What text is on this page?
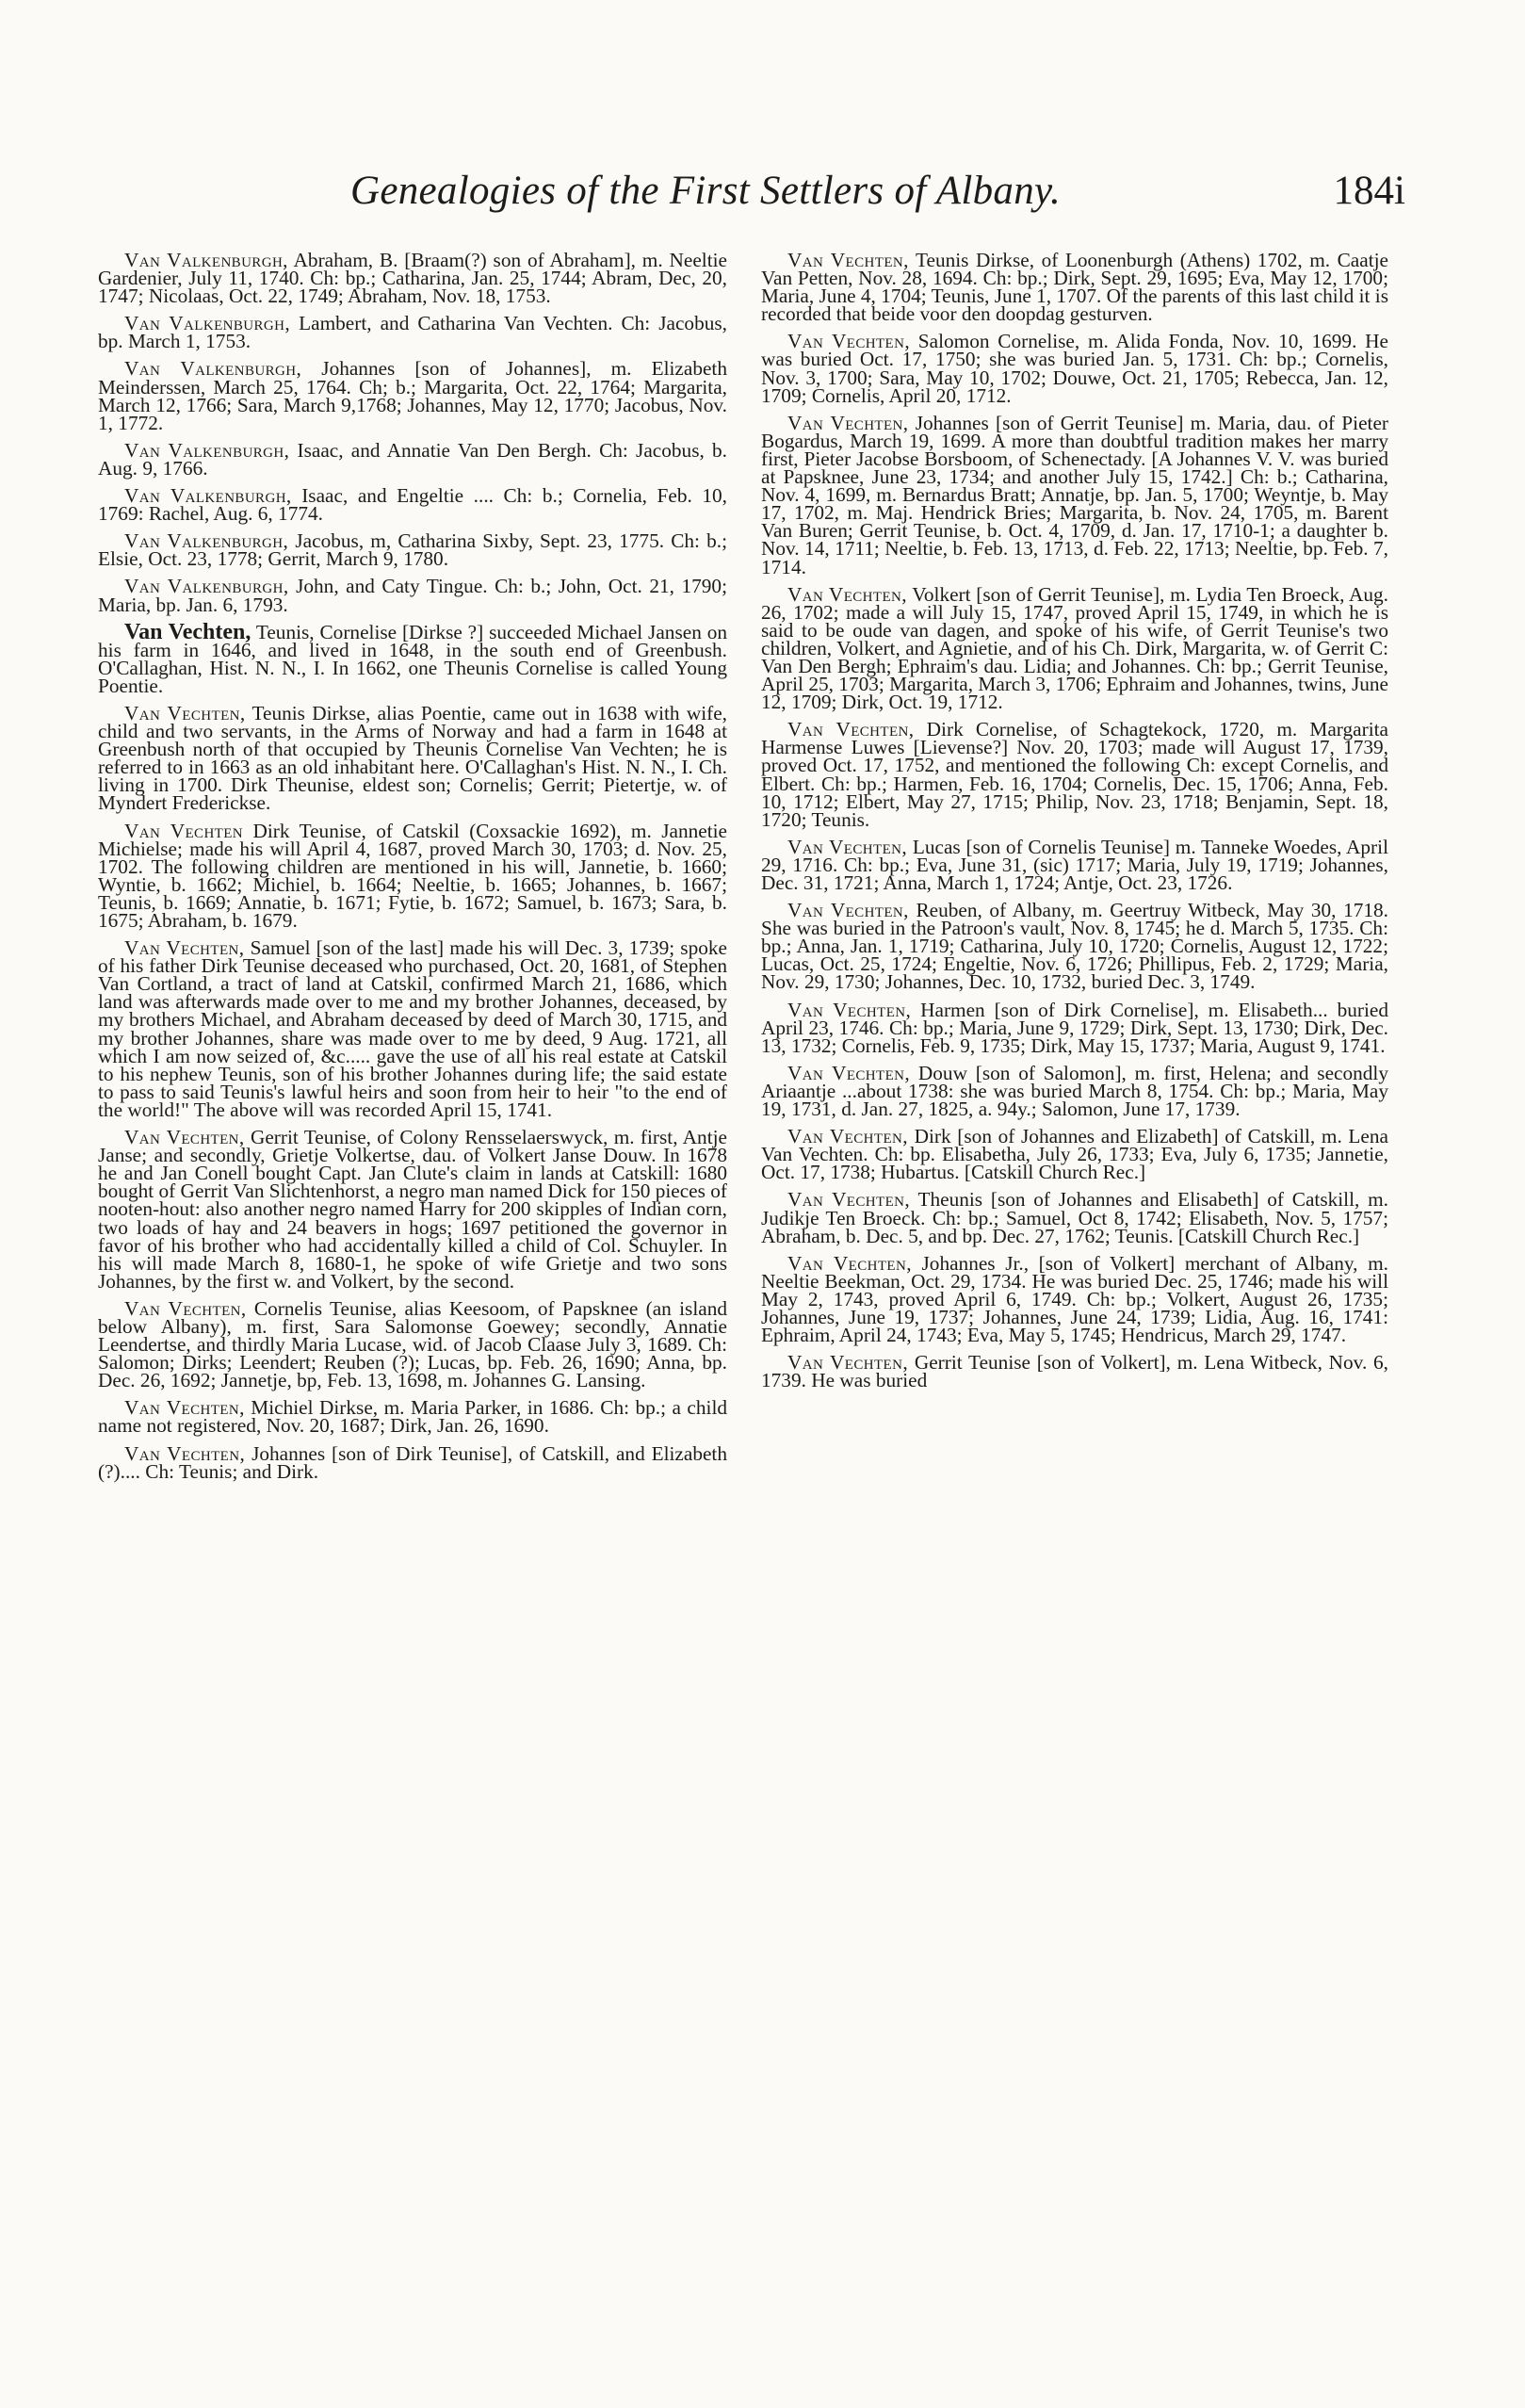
Genealogies of the First Settlers of Albany.	184i

Van Valkenburgh, Abraham, B. [Braam(?) son of Abraham], m. Neeltie Gardenier, July 11, 1740. Ch: bp.; Catharina, Jan. 25, 1744; Abram, Dec, 20, 1747; Nicolaas, Oct. 22, 1749; Abraham, Nov. 18, 1753.

Van Valkenburgh, Lambert, and Catharina Van Vechten. Ch: Jacobus, bp. March 1, 1753.

Van Valkenburgh, Johannes [son of Johannes], m. Elizabeth Meinderssen, March 25, 1764. Ch; b.; Margarita, Oct. 22, 1764; Margarita, March 12, 1766; Sara, March 9,1768; Johannes, May 12, 1770; Jacobus, Nov. 1, 1772.

Van Valkenburgh, Isaac, and Annatie Van Den Bergh. Ch: Jacobus, b. Aug. 9, 1766.

Van Valkenburgh, Isaac, and Engeltie .... Ch: b.; Cornelia, Feb. 10, 1769: Rachel, Aug. 6, 1774.

Van Valkenburgh, Jacobus, m, Catharina Sixby, Sept. 23, 1775. Ch: b.; Elsie, Oct. 23, 1778; Gerrit, March 9, 1780.

Van Valkenburgh, John, and Caty Tingue. Ch: b.; John, Oct. 21, 1790; Maria, bp. Jan. 6, 1793.

Van Vechten, Teunis, Cornelise [Dirkse ?] succeeded Michael Jansen on his farm in 1646, and lived in 1648, in the south end of Greenbush. O'Callaghan, Hist. N. N., I. In 1662, one Theunis Cornelise is called Young Poentie.

Van Vechten, Teunis Dirkse, alias Poentie, came out in 1638 with wife, child and two servants, in the Arms of Norway and had a farm in 1648 at Greenbush north of that occupied by Theunis Cornelise Van Vechten; he is referred to in 1663 as an old inhabitant here. O'Callaghan's Hist. N. N., I. Ch. living in 1700. Dirk Theunise, eldest son; Cornelis; Gerrit; Pietertje, w. of Myndert Frederickse.

Van Vechten Dirk Teunise, of Catskil (Coxsackie 1692), m. Jannetie Michielse; made his will April 4, 1687, proved March 30, 1703; d. Nov. 25, 1702. The following children are mentioned in his will, Jannetie, b. 1660; Wyntie, b. 1662; Michiel, b. 1664; Neeltie, b. 1665; Johannes, b. 1667; Teunis, b. 1669; Annatie, b. 1671; Fytie, b. 1672; Samuel, b. 1673; Sara, b. 1675; Abraham, b. 1679.

Van Vechten, Samuel [son of the last] made his will Dec. 3, 1739; spoke of his father Dirk Teunise deceased who purchased, Oct. 20, 1681, of Stephen Van Cortland, a tract of land at Catskil, confirmed March 21, 1686, which land was afterwards made over to me and my brother Johannes, deceased, by my brothers Michael, and Abraham deceased by deed of March 30, 1715, and my brother Johannes, share was made over to me by deed, 9 Aug. 1721, all which I am now seized of, &c..... gave the use of all his real estate at Catskil to his nephew Teunis, son of his brother Johannes during life; the said estate to pass to said Teunis's lawful heirs and soon from heir to heir "to the end of the world!" The above will was recorded April 15, 1741.

Van Vechten, Gerrit Teunise, of Colony Rensselaerswyck, m. first, Antje Janse; and secondly, Grietje Volkertse, dau. of Volkert Janse Douw. In 1678 he and Jan Conell bought Capt. Jan Clute's claim in lands at Catskill: 1680 bought of Gerrit Van Slichtenhorst, a negro man named Dick for 150 pieces of nooten-hout: also another negro named Harry for 200 skipples of Indian corn, two loads of hay and 24 beavers in hogs; 1697 petitioned the governor in favor of his brother who had accidentally killed a child of Col. Schuyler. In his will made March 8, 1680-1, he spoke of wife Grietje and two sons Johannes, by the first w. and Volkert, by the second.

Van Vechten, Cornelis Teunise, alias Keesoom, of Papsknee (an island below Albany), m. first, Sara Salomonse Goewey; secondly, Annatie Leendertse, and thirdly Maria Lucase, wid. of Jacob Claase July 3, 1689. Ch: Salomon; Dirks; Leendert; Reuben (?); Lucas, bp. Feb. 26, 1690; Anna, bp. Dec. 26, 1692; Jannetje, bp, Feb. 13, 1698, m. Johannes G. Lansing.

Van Vechten, Michiel Dirkse, m. Maria Parker, in 1686. Ch: bp.; a child name not registered, Nov. 20, 1687; Dirk, Jan. 26, 1690.

Van Vechten, Johannes [son of Dirk Teunise], of Catskill, and Elizabeth (?).... Ch: Teunis; and Dirk.

Van Vechten, Teunis Dirkse, of Loonenburgh (Athens) 1702, m. Caatje Van Petten, Nov. 28, 1694. Ch: bp.; Dirk, Sept. 29, 1695; Eva, May 12, 1700; Maria, June 4, 1704; Teunis, June 1, 1707. Of the parents of this last child it is recorded that beide voor den doopdag gesturven.

Van Vechten, Salomon Cornelise, m. Alida Fonda, Nov. 10, 1699. He was buried Oct. 17, 1750; she was buried Jan. 5, 1731. Ch: bp.; Cornelis, Nov. 3, 1700; Sara, May 10, 1702; Douwe, Oct. 21, 1705; Rebecca, Jan. 12, 1709; Cornelis, April 20, 1712.

Van Vechten, Johannes [son of Gerrit Teunise] m. Maria, dau. of Pieter Bogardus, March 19, 1699. A more than doubtful tradition makes her marry first, Pieter Jacobse Borsboom, of Schenectady. [A Johannes V. V. was buried at Papsknee, June 23, 1734; and another July 15, 1742.] Ch: b.; Catharina, Nov. 4, 1699, m. Bernardus Bratt; Annatje, bp. Jan. 5, 1700; Weyntje, b. May 17, 1702, m. Maj. Hendrick Bries; Margarita, b. Nov. 24, 1705, m. Barent Van Buren; Gerrit Teunise, b. Oct. 4, 1709, d. Jan. 17, 1710-1; a daughter b. Nov. 14, 1711; Neeltie, b. Feb. 13, 1713, d. Feb. 22, 1713; Neeltie, bp. Feb. 7, 1714.

Van Vechten, Volkert [son of Gerrit Teunise], m. Lydia Ten Broeck, Aug. 26, 1702; made a will July 15, 1747, proved April 15, 1749, in which he is said to be oude van dagen, and spoke of his wife, of Gerrit Teunise's two children, Volkert, and Agnietie, and of his Ch. Dirk, Margarita, w. of Gerrit C: Van Den Bergh; Ephraim's dau. Lidia; and Johannes. Ch: bp.; Gerrit Teunise, April 25, 1703; Margarita, March 3, 1706; Ephraim and Johannes, twins, June 12, 1709; Dirk, Oct. 19, 1712.

Van Vechten, Dirk Cornelise, of Schagtekock, 1720, m. Margarita Harmense Luwes [Lievense?] Nov. 20, 1703; made will August 17, 1739, proved Oct. 17, 1752, and mentioned the following Ch: except Cornelis, and Elbert. Ch: bp.; Harmen, Feb. 16, 1704; Cornelis, Dec. 15, 1706; Anna, Feb. 10, 1712; Elbert, May 27, 1715; Philip, Nov. 23, 1718; Benjamin, Sept. 18, 1720; Teunis.

Van Vechten, Lucas [son of Cornelis Teunise] m. Tanneke Woedes, April 29, 1716. Ch: bp.; Eva, June 31, (sic) 1717; Maria, July 19, 1719; Johannes, Dec. 31, 1721; Anna, March 1, 1724; Antje, Oct. 23, 1726.

Van Vechten, Reuben, of Albany, m. Geertruy Witbeck, May 30, 1718. She was buried in the Patroon's vault, Nov. 8, 1745; he d. March 5, 1735. Ch: bp.; Anna, Jan. 1, 1719; Catharina, July 10, 1720; Cornelis, August 12, 1722; Lucas, Oct. 25, 1724; Engeltie, Nov. 6, 1726; Phillipus, Feb. 2, 1729; Maria, Nov. 29, 1730; Johannes, Dec. 10, 1732, buried Dec. 3, 1749.

Van Vechten, Harmen [son of Dirk Cornelise], m. Elisabeth... buried April 23, 1746. Ch: bp.; Maria, June 9, 1729; Dirk, Sept. 13, 1730; Dirk, Dec. 13, 1732; Cornelis, Feb. 9, 1735; Dirk, May 15, 1737; Maria, August 9, 1741.

Van Vechten, Douw [son of Salomon], m. first, Helena; and secondly Ariaantje ...about 1738: she was buried March 8, 1754. Ch: bp.; Maria, May 19, 1731, d. Jan. 27, 1825, a. 94y.; Salomon, June 17, 1739.

Van Vechten, Dirk [son of Johannes and Elizabeth] of Catskill, m. Lena Van Vechten. Ch: bp. Elisabetha, July 26, 1733; Eva, July 6, 1735; Jannetie, Oct. 17, 1738; Hubartus. [Catskill Church Rec.]

Van Vechten, Theunis [son of Johannes and Elisabeth] of Catskill, m. Judikje Ten Broeck. Ch: bp.; Samuel, Oct 8, 1742; Elisabeth, Nov. 5, 1757; Abraham, b. Dec. 5, and bp. Dec. 27, 1762; Teunis. [Catskill Church Rec.]

Van Vechten, Johannes Jr., [son of Volkert] merchant of Albany, m. Neeltie Beekman, Oct. 29, 1734. He was buried Dec. 25, 1746; made his will May 2, 1743, proved April 6, 1749. Ch: bp.; Volkert, August 26, 1735; Johannes, June 19, 1737; Johannes, June 24, 1739; Lidia, Aug. 16, 1741: Ephraim, April 24, 1743; Eva, May 5, 1745; Hendricus, March 29, 1747.

Van Vechten, Gerrit Teunise [son of Volkert], m. Lena Witbeck, Nov. 6, 1739. He was buried
